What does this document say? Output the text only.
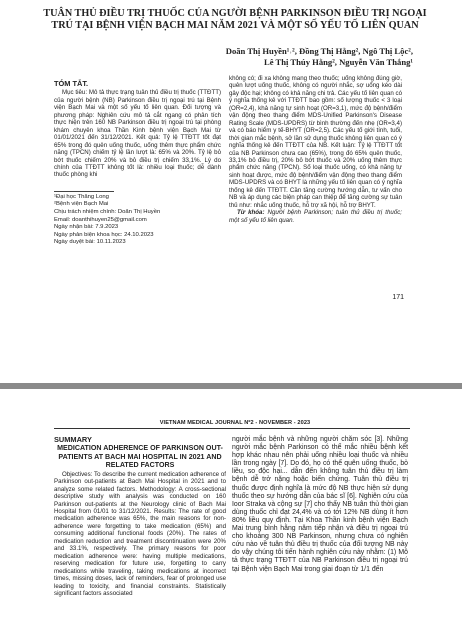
TUÂN THỦ ĐIỀU TRỊ THUỐC CỦA NGƯỜI BỆNH PARKINSON ĐIỀU TRỊ NGOẠI TRÚ TẠI BỆNH VIỆN BẠCH MAI NĂM 2021 VÀ MỘT SỐ YẾU TỐ LIÊN QUAN
Doãn Thị Huyền¹˒², Đồng Thị Hằng², Ngô Thị Lộc²,
Lê Thị Thúy Hằng², Nguyễn Văn Thắng¹
TÓM TẮT.
Mục tiêu: Mô tả thực trạng tuân thủ điều trị thuốc (TTĐTT) của người bệnh (NB) Parkinson điều trị ngoại trú tại Bệnh viện Bạch Mai và một số yếu tố liên quan. Đối tượng và phương pháp: Nghiên cứu mô tả cắt ngang có phân tích thực hiện trên 160 NB Parkinson điều trị ngoại trú tại phòng khám chuyên khoa Thần Kinh bệnh viện Bạch Mai từ 01/01/2021 đến 31/12/2021. Kết quả: Tỷ lệ TTĐTT tốt đạt 65% trong đó quên uống thuốc, uống thêm thực phẩm chức năng (TPCN) chiếm tỷ lệ lần lượt là: 65% và 20%. Tỷ lệ bỏ bớt thuốc chiếm 20% và bỏ điều trị chiếm 33,1%. Lý do chính của TTĐTT không tốt là: nhiều loại thuốc; dễ dành thuốc phòng khi
¹Đại học Thăng Long
²Bệnh viện Bạch Mai
Chịu trách nhiệm chính: Doãn Thị Huyền
Email: doanthihuyen25@gmail.com
Ngày nhận bài: 7.9.2023
Ngày phản biện khoa học: 24.10.2023
Ngày duyệt bài: 10.11.2023
không có; đi xa không mang theo thuốc; uống không đúng giờ, quên lượt uống thuốc, không có người nhắc, sợ uống kéo dài gây độc hại; không có khả năng chi trả. Các yếu tố liên quan có ý nghĩa thống kê với TTĐTT bao gồm: số lượng thuốc < 3 loại (OR=2,4), khả năng tự sinh hoạt (OR=3,1), mức độ bệnh/điểm vận động theo thang điểm MDS-Unified Parkinson's Disease Rating Scale (MDS-UPDRS) từ bình thường đến nhẹ (OR=3,4) và có báo hiểm y tế-BHYT (OR=2,5). Các yếu tố giới tính, tuổi, thời gian mắc bệnh, sở lần sử dụng thuốc không liên quan có ý nghĩa thống kê đến TTĐTT của NB. Kết luận: Tỷ lệ TTĐTT tốt của NB Parkinson chưa cao (65%), trong đó 65% quên thuốc, 33,1% bỏ điều trị, 20% bỏ bớt thuốc và 20% uống thêm thực phẩm chức năng (TPCN). Số loại thuốc uống, có khả năng tự sinh hoạt được, mức độ bệnh/điểm vận động theo thang điểm MDS-UPDRS và có BHYT là những yếu tố liên quan có ý nghĩa thống kê đến TTĐTT. Cần tăng cường hướng dẫn, tư vấn cho NB và áp dụng các biện pháp can thiệp để tăng cường sự tuân thủ như: nhắc uống thuốc, hỗ trợ xã hội, hỗ trợ BHYT.
Từ khóa: Người bệnh Parkinson; tuân thủ điều trị thuốc; một số yếu tố liên quan.
171
VIETNAM MEDICAL JOURNAL Nº2 - NOVEMBER - 2023
SUMMARY
MEDICATION ADHERENCE OF PARKINSON OUT-PATIENTS AT BACH MAI HOSPITAL IN 2021 AND RELATED FACTORS
Objectives: To describe the current medication adherence of Parkinson out-patients at Bach Mai Hospital in 2021 and to analyze some related factors. Methodology: A cross-sectional descriptive study with analysis was conducted on 160 Parkinson out-patients at the Neurology clinic of Bach Mai Hospital from 01/01 to 31/12/2021. Results: The rate of good medication adherence was 65%, the main reasons for non-adherence were forgetting to take medication (65%) and consuming additional functional foods (20%). The rates of medication reduction and treatment discontinuation were 20% and 33.1%, respectively. The primary reasons for poor medication adherence were: having multiple medications, reserving medication for future use, forgetting to carry medications while traveling, taking medications at incorrect times, missing doses, lack of reminders, fear of prolonged use leading to toxicity, and financial constraints. Statistically significant factors associated
người mắc bệnh và những người chăm sóc [3]. Những người mắc bệnh Parkinson có thể mắc nhiều bệnh kết hợp khác nhau nên phải uống nhiều loại thuốc và nhiều lần trong ngày [7]. Do đó, họ có thể quên uống thuốc, bỏ liều, so độc hại... dẫn đến không tuân thủ điều trị làm bệnh dễ trở nặng hoặc biến chứng. Tuân thủ điều trị thuốc được định nghĩa là mức độ NB thực hiện sử dụng thuốc theo sự hướng dẫn của bác sĩ [6]. Nghiên cứu của Ioor Straka và cộng sự [7] cho thấy NB tuân thủ thời gian dùng thuốc chỉ đạt 24,4% và có tới 12% NB dùng ít hơn 80% liều quy định. Tại Khoa Thần kinh bệnh viện Bạch Mai trung bình hằng năm tiếp nhận và điều trị ngoại trú cho khoảng 300 NB Parkinson, nhưng chưa có nghiên cứu nào về tuân thủ điều trị thuốc của đối tượng NB này do vậy chúng tôi tiến hành nghiên cứu này nhằm: (1) Mô tả thực trạng TTĐTT của NB Parkinson điều trị ngoại trú tại Bệnh viện Bạch Mai trong giai đoạn từ 1/1 đến
